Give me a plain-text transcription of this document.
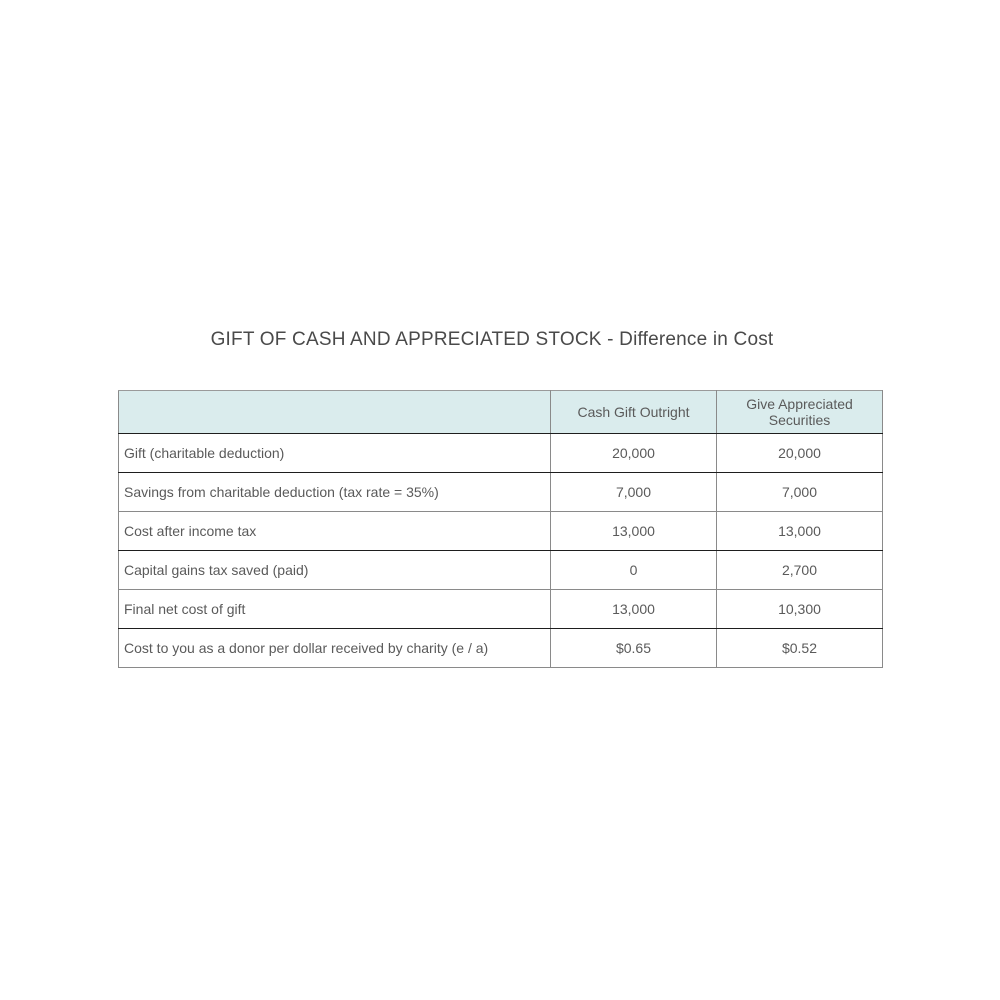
GIFT OF CASH AND APPRECIATED STOCK - Difference in Cost
	Cash Gift Outright	Give Appreciated Securities
Gift (charitable deduction)	20,000	20,000
Savings from charitable deduction (tax rate = 35%)	7,000	7,000
Cost after income tax	13,000	13,000
Capital gains tax saved (paid)	0	2,700
Final net cost of gift	13,000	10,300
Cost to you as a donor per dollar received by charity (e / a)	$0.65	$0.52
